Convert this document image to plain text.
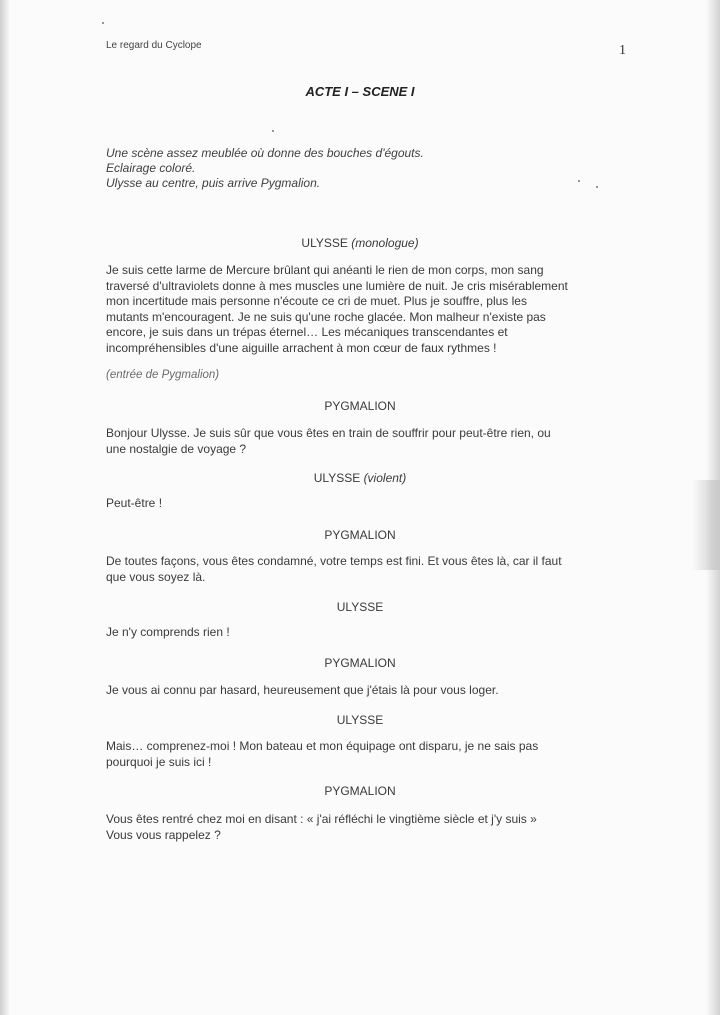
Le regard du Cyclope	1
ACTE I – SCENE I
Une scène assez meublée où donne des bouches d'égouts.
Eclairage coloré.
Ulysse au centre, puis arrive Pygmalion.
ULYSSE (monologue)
Je suis cette larme de Mercure brûlant qui anéanti le rien de mon corps, mon sang
traversé d'ultraviolets donne à mes muscles une lumière de nuit. Je cris misérablement
mon incertitude mais personne n'écoute ce cri de muet. Plus je souffre, plus les
mutants m'encouragent. Je ne suis qu'une roche glacée. Mon malheur n'existe pas
encore, je suis dans un trépas éternel… Les mécaniques transcendantes et
incompréhensibles d'une aiguille arrachent à mon cœur de faux rythmes !
(entrée de Pygmalion)
PYGMALION
Bonjour Ulysse. Je suis sûr que vous êtes en train de souffrir pour peut-être rien, ou
une nostalgie de voyage ?
ULYSSE (violent)
Peut-être !
PYGMALION
De toutes façons, vous êtes condamné, votre temps est fini. Et vous êtes là, car il faut
que vous soyez là.
ULYSSE
Je n'y comprends rien !
PYGMALION
Je vous ai connu par hasard, heureusement que j'étais là pour vous loger.
ULYSSE
Mais… comprenez-moi ! Mon bateau et mon équipage ont disparu, je ne sais pas
pourquoi je suis ici !
PYGMALION
Vous êtes rentré chez moi en disant : « j'ai réfléchi le vingtième siècle et j'y suis »
Vous vous rappelez ?
